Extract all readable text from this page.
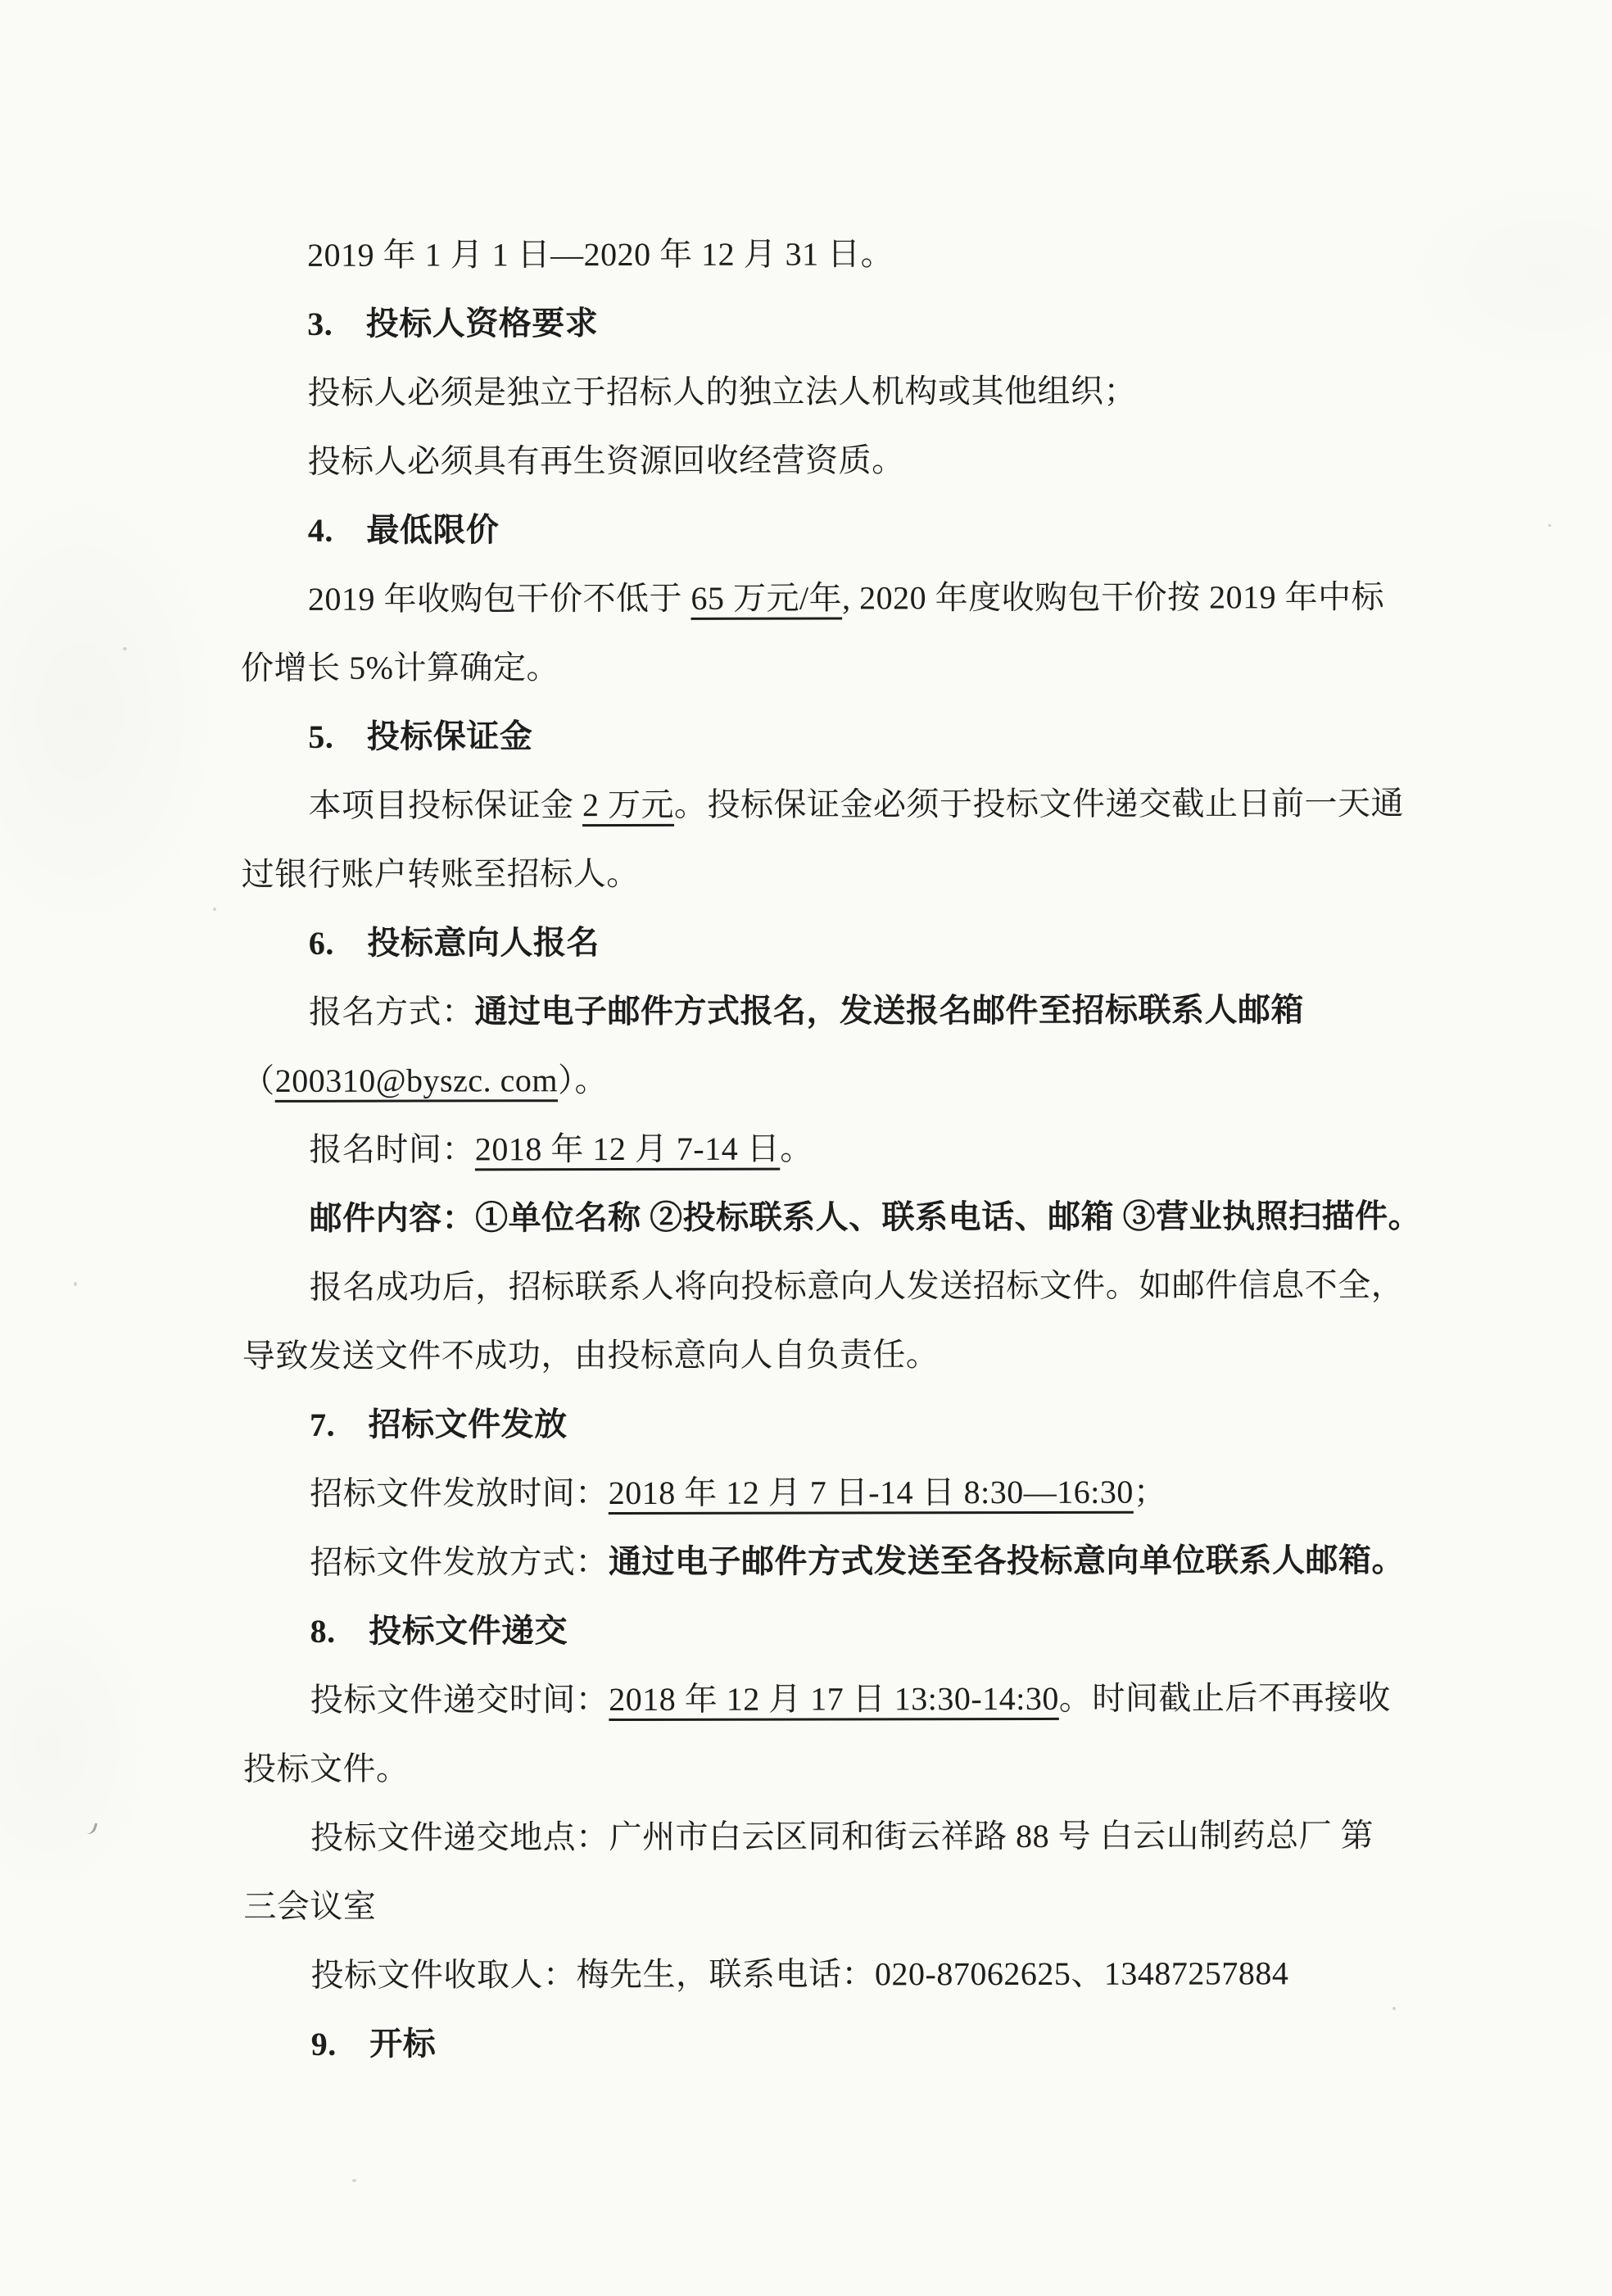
2019 年 1 月 1 日—2020 年 12 月 31 日。
3.　投标人资格要求
投标人必须是独立于招标人的独立法人机构或其他组织；
投标人必须具有再生资源回收经营资质。
4.　最低限价
2019 年收购包干价不低于 65 万元/年, 2020 年度收购包干价按 2019 年中标
价增长 5%计算确定。
5.　投标保证金
本项目投标保证金 2 万元。投标保证金必须于投标文件递交截止日前一天通
过银行账户转账至招标人。
6.　投标意向人报名
报名方式：通过电子邮件方式报名，发送报名邮件至招标联系人邮箱
（200310@byszc. com）。
报名时间：2018 年 12 月 7-14 日。
邮件内容：①单位名称 ②投标联系人、联系电话、邮箱 ③营业执照扫描件。
报名成功后，招标联系人将向投标意向人发送招标文件。如邮件信息不全，
导致发送文件不成功，由投标意向人自负责任。
7.　招标文件发放
招标文件发放时间：2018 年 12 月 7 日-14 日 8:30—16:30；
招标文件发放方式：通过电子邮件方式发送至各投标意向单位联系人邮箱。
8.　投标文件递交
投标文件递交时间：2018 年 12 月 17 日 13:30-14:30。时间截止后不再接收
投标文件。
投标文件递交地点：广州市白云区同和街云祥路 88 号 白云山制药总厂 第
三会议室
投标文件收取人：梅先生，联系电话：020-87062625、13487257884
9.　开标
